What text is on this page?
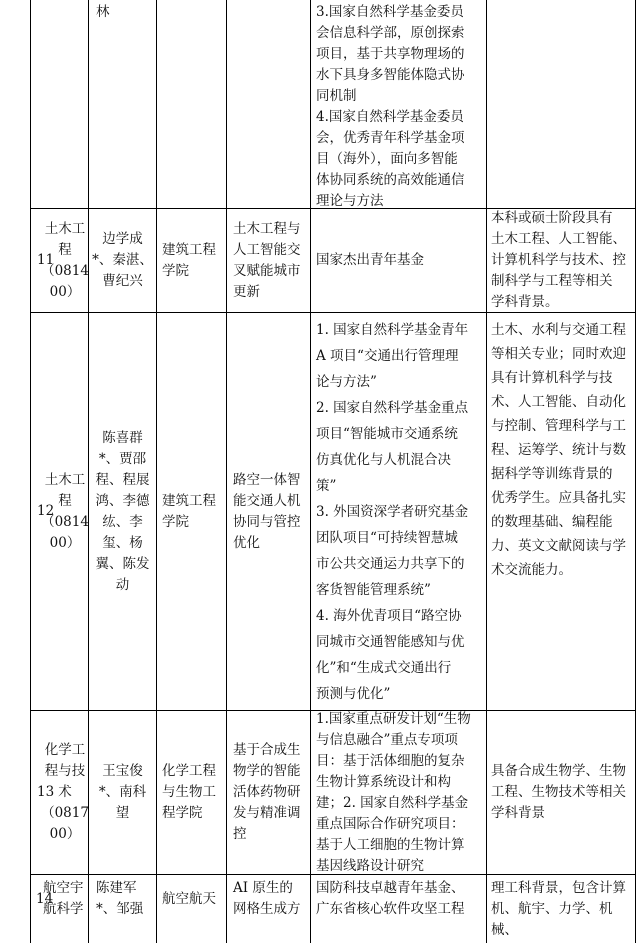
林	3.国家自然科学基金委员
会信息科学部，原创探索
项目，基于共享物理场的
水下具身多智能体隐式协
同机制
4.国家自然科学基金委员
会，优秀青年科学基金项
目（海外），面向多智能
体协同系统的高效能通信
理论与方法
11
土木工
程
（0814
00）
边学成
*、秦湛、
曹纪兴
建筑工程
学院
土木工程与
人工智能交
叉赋能城市
更新
国家杰出青年基金
本科或硕士阶段具有
土木工程、人工智能、
计算机科学与技术、控
制科学与工程等相关
学科背景。
12
土木工
程
（0814
00）
陈喜群
*、贾邵
程、程展
鸿、李德
纮、李
玺、杨
翼、陈发
动
建筑工程
学院
路空一体智
能交通人机
协同与管控
优化
1. 国家自然科学基金青年
A 项目“交通出行管理理
论与方法”
2. 国家自然科学基金重点
项目“智能城市交通系统
仿真优化与人机混合决
策”
3. 外国资深学者研究基金
团队项目“可持续智慧城
市公共交通运力共享下的
客货智能管理系统”
4. 海外优青项目“路空协
同城市交通智能感知与优
化”和“生成式交通出行
预测与优化”
土木、水利与交通工程
等相关专业；同时欢迎
具有计算机科学与技
术、人工智能、自动化
与控制、管理科学与工
程、运筹学、统计与数
据科学等训练背景的
优秀学生。应具备扎实
的数理基础、编程能
力、英文文献阅读与学
术交流能力。
13
化学工
程与技
术
（0817
00）
王宝俊
*、南科
望
化学工程
与生物工
程学院
基于合成生
物学的智能
活体药物研
发与精准调
控
1.国家重点研发计划“生物
与信息融合”重点专项项
目：基于活体细胞的复杂
生物计算系统设计和构
建；2. 国家自然科学基金
重点国际合作研究项目：
基于人工细胞的生物计算
基因线路设计研究
具备合成生物学、生物
工程、生物技术等相关
学科背景
14
航空宇
航科学
陈建军
*、邹强
航空航天
AI 原生的
网格生成方
国防科技卓越青年基金、
广东省核心软件攻坚工程
理工科背景，包含计算
机、航宇、力学、机械、
